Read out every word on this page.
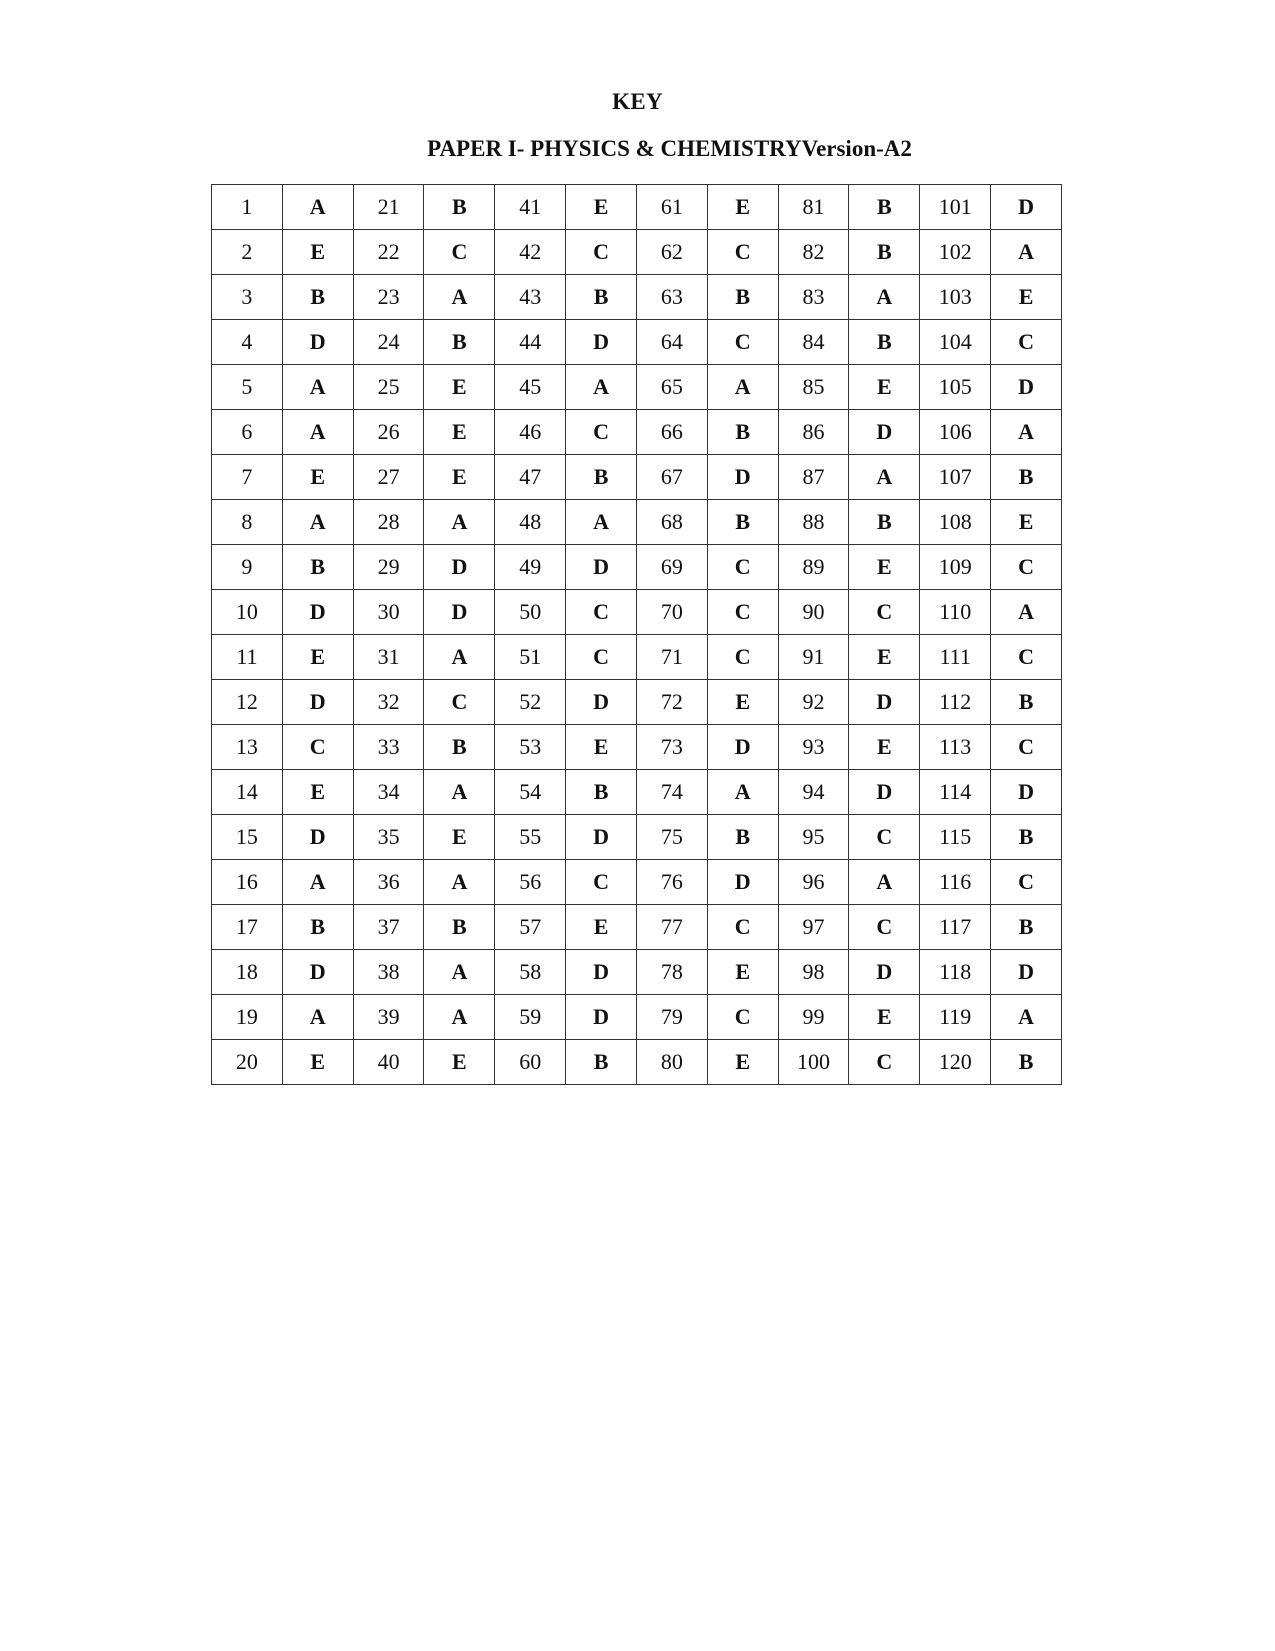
KEY
PAPER I- PHYSICS & CHEMISTRYVersion-A2
1	A	21	B	41	E	61	E	81	B	101	D
2	E	22	C	42	C	62	C	82	B	102	A
3	B	23	A	43	B	63	B	83	A	103	E
4	D	24	B	44	D	64	C	84	B	104	C
5	A	25	E	45	A	65	A	85	E	105	D
6	A	26	E	46	C	66	B	86	D	106	A
7	E	27	E	47	B	67	D	87	A	107	B
8	A	28	A	48	A	68	B	88	B	108	E
9	B	29	D	49	D	69	C	89	E	109	C
10	D	30	D	50	C	70	C	90	C	110	A
11	E	31	A	51	C	71	C	91	E	111	C
12	D	32	C	52	D	72	E	92	D	112	B
13	C	33	B	53	E	73	D	93	E	113	C
14	E	34	A	54	B	74	A	94	D	114	D
15	D	35	E	55	D	75	B	95	C	115	B
16	A	36	A	56	C	76	D	96	A	116	C
17	B	37	B	57	E	77	C	97	C	117	B
18	D	38	A	58	D	78	E	98	D	118	D
19	A	39	A	59	D	79	C	99	E	119	A
20	E	40	E	60	B	80	E	100	C	120	B
